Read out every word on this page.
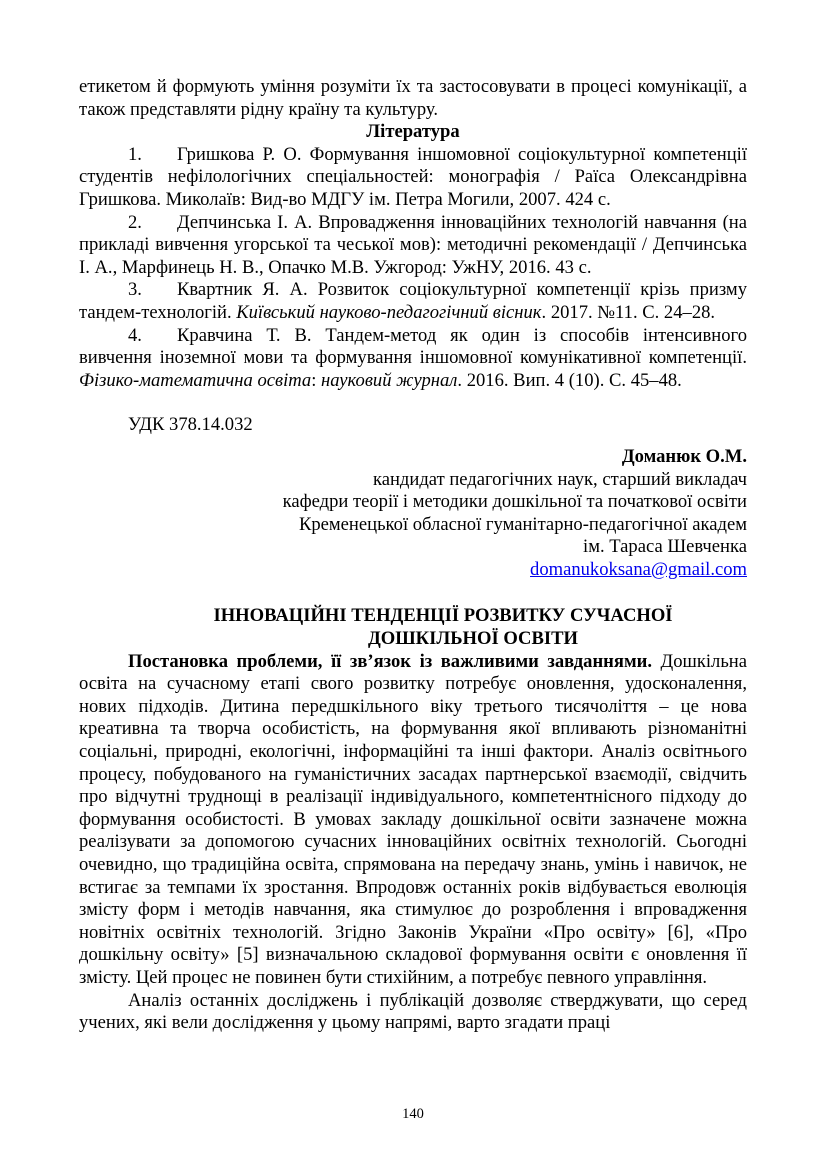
етикетом й формують уміння розуміти їх та застосовувати в процесі комунікації, а також представляти рідну країну та культуру.

Література

1. Гришкова Р. О. Формування іншомовної соціокультурної компетенції студентів нефілологічних спеціальностей: монографія / Раїса Олександрівна Гришкова. Миколаїв: Вид-во МДГУ ім. Петра Могили, 2007. 424 с.

2. Депчинська І. А. Впровадження інноваційних технологій навчання (на прикладі вивчення угорської та чеської мов): методичні рекомендації / Депчинська І. А., Марфинець Н. В., Опачко М.В. Ужгород: УжНУ, 2016. 43 с.

3. Квартник Я. А. Розвиток соціокультурної компетенції крізь призму тандем-технологій. Київський науково-педагогічний вісник. 2017. №11. С. 24–28.

4. Кравчина Т. В. Тандем-метод як один із способів інтенсивного вивчення іноземної мови та формування іншомовної комунікативної компетенції. Фізико-математична освіта: науковий журнал. 2016. Вип. 4 (10). С. 45–48.

УДК 378.14.032

Доманюк О.М.
кандидат педагогічних наук, старший викладач
кафедри теорії і методики дошкільної та початкової освіти
Кременецької обласної гуманітарно-педагогічної академ
ім. Тараса Шевченка
domanukoksana@gmail.com
ІННОВАЦІЙНІ ТЕНДЕНЦІЇ РОЗВИТКУ СУЧАСНОЇ
ДОШКІЛЬНОЇ ОСВІТИ

Постановка проблеми, її зв’язок із важливими завданнями. Дошкільна освіта на сучасному етапі свого розвитку потребує оновлення, удосконалення, нових підходів. Дитина передшкільного віку третього тисячоліття – це нова креативна та творча особистість, на формування якої впливають різноманітні соціальні, природні, екологічні, інформаційні та інші фактори. Аналіз освітнього процесу, побудованого на гуманістичних засадах партнерської взаємодії, свідчить про відчутні труднощі в реалізації індивідуального, компетентнісного підходу до формування особистості. В умовах закладу дошкільної освіти зазначене можна реалізувати за допомогою сучасних інноваційних освітніх технологій. Сьогодні очевидно, що традиційна освіта, спрямована на передачу знань, умінь і навичок, не встигає за темпами їх зростання. Впродовж останніх років відбувається еволюція змісту форм і методів навчання, яка стимулює до розроблення і впровадження новітніх освітніх технологій. Згідно Законів України «Про освіту» [6], «Про дошкільну освіту» [5] визначальною складової формування освіти є оновлення її змісту. Цей процес не повинен бути стихійним, а потребує певного управління.

Аналіз останніх досліджень і публікацій дозволяє стверджувати, що серед учених, які вели дослідження у цьому напрямі, варто згадати праці

140
